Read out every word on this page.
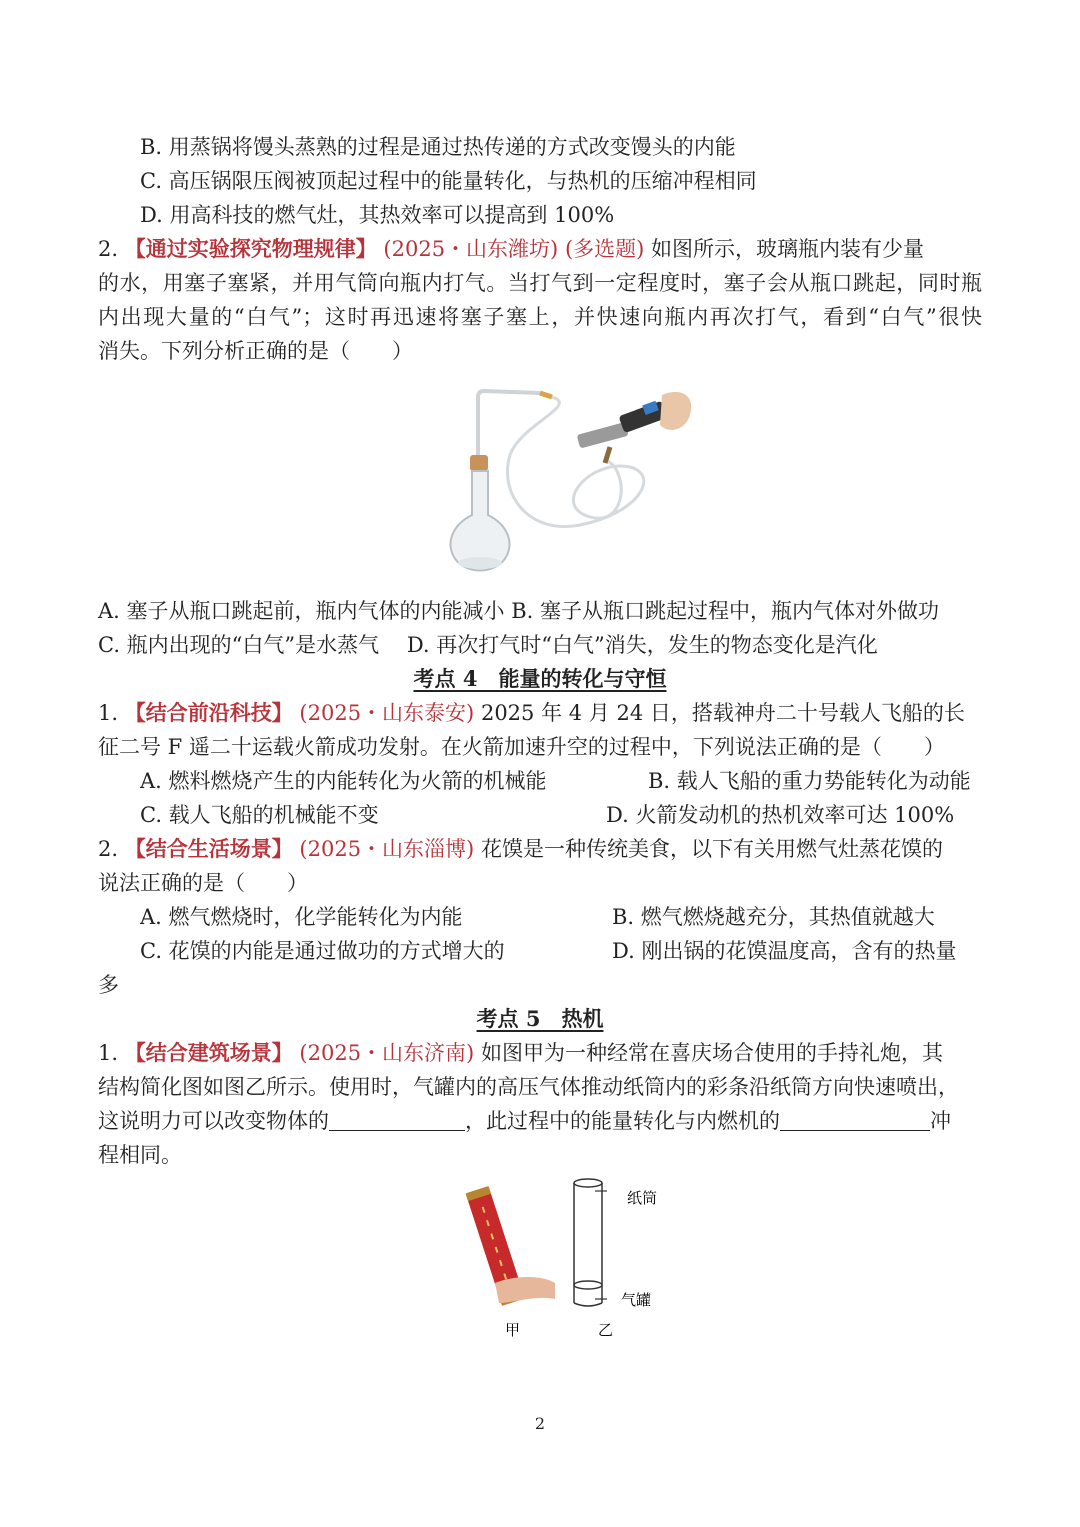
B. 用蒸锅将馒头蒸熟的过程是通过热传递的方式改变馒头的内能
C. 高压锅限压阀被顶起过程中的能量转化，与热机的压缩冲程相同
D. 用高科技的燃气灶，其热效率可以提高到 100%
2. 【通过实验探究物理规律】 (2025・山东潍坊) (多选题) 如图所示，玻璃瓶内装有少量
的水，用塞子塞紧，并用气筒向瓶内打气。当打气到一定程度时，塞子会从瓶口跳起，同时瓶
内出现大量的“白气”；这时再迅速将塞子塞上，并快速向瓶内再次打气，看到“白气”很快
消失。下列分析正确的是（　　）
A. 塞子从瓶口跳起前，瓶内气体的内能减小 B. 塞子从瓶口跳起过程中，瓶内气体对外做功
C. 瓶内出现的“白气”是水蒸气　 D. 再次打气时“白气”消失，发生的物态变化是汽化
考点 4　能量的转化与守恒
1. 【结合前沿科技】 (2025・山东泰安) 2025 年 4 月 24 日，搭载神舟二十号载人飞船的长
征二号 F 遥二十运载火箭成功发射。在火箭加速升空的过程中，下列说法正确的是（　　）
A. 燃料燃烧产生的内能转化为火箭的机械能	B. 载人飞船的重力势能转化为动能
C. 载人飞船的机械能不变	D. 火箭发动机的热机效率可达 100%
2. 【结合生活场景】 (2025・山东淄博) 花馍是一种传统美食，以下有关用燃气灶蒸花馍的
说法正确的是（　　）
A. 燃气燃烧时，化学能转化为内能	B. 燃气燃烧越充分，其热值就越大
C. 花馍的内能是通过做功的方式增大的	D. 刚出锅的花馍温度高，含有的热量
多
考点 5　热机
1. 【结合建筑场景】 (2025・山东济南) 如图甲为一种经常在喜庆场合使用的手持礼炮，其
结构简化图如图乙所示。使用时，气罐内的高压气体推动纸筒内的彩条沿纸筒方向快速喷出，
这说明力可以改变物体的	，此过程中的能量转化与内燃机的	冲
程相同。
甲
纸筒
气罐
乙
2
